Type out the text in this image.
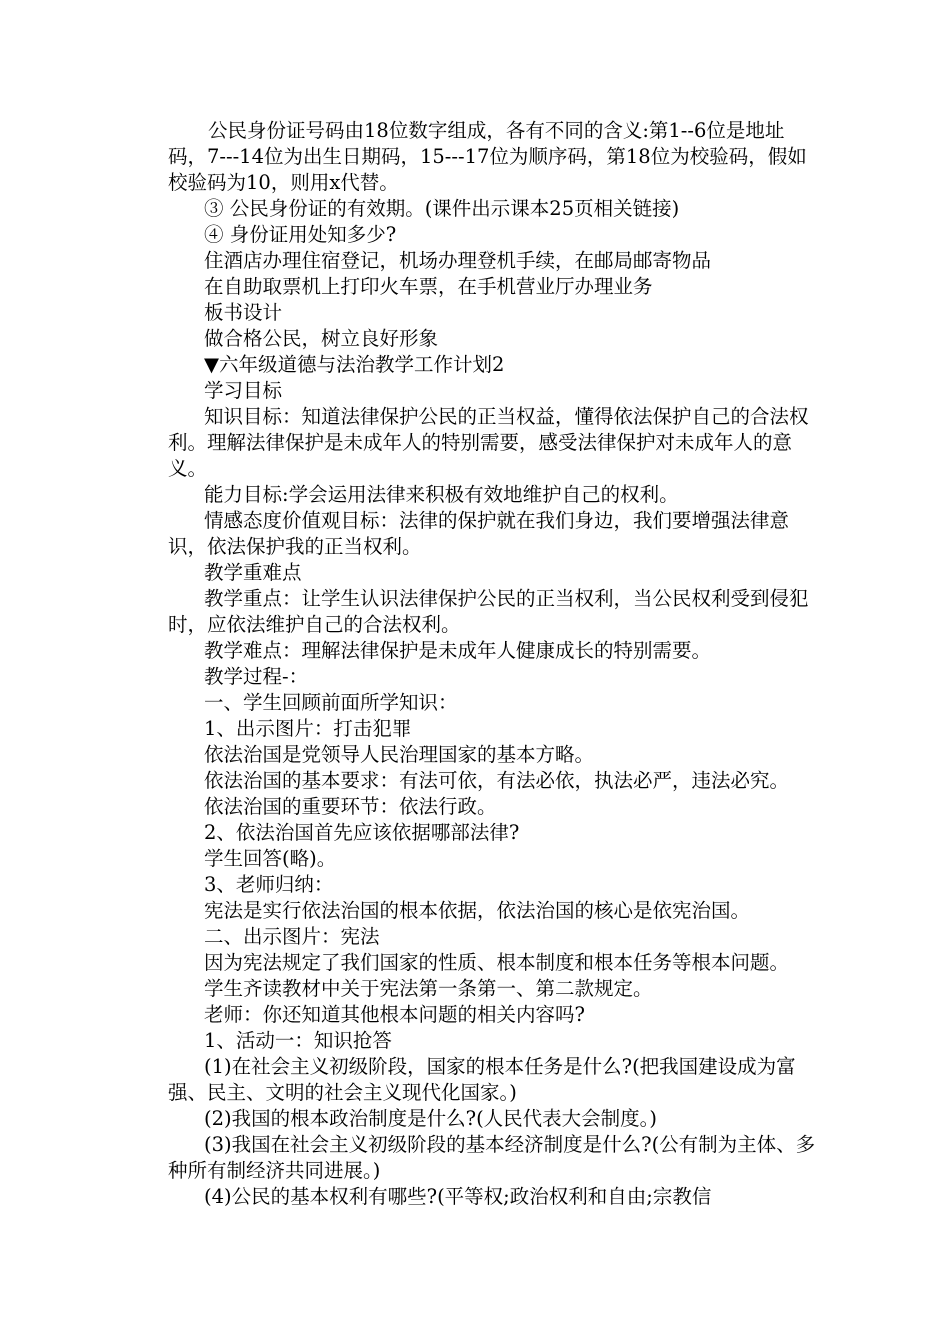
公民身份证号码由18位数字组成，各有不同的含义:第1--6位是地址码，7---14位为出生日期码，15---17位为顺序码，第18位为校验码，假如校验码为10，则用x代替。

③ 公民身份证的有效期。(课件出示课本25页相关链接)

④ 身份证用处知多少?

住酒店办理住宿登记，机场办理登机手续，在邮局邮寄物品

在自助取票机上打印火车票，在手机营业厅办理业务

板书设计

做合格公民，树立良好形象

▼六年级道德与法治教学工作计划2

学习目标

知识目标：知道法律保护公民的正当权益，懂得依法保护自己的合法权利。理解法律保护是未成年人的特别需要，感受法律保护对未成年人的意义。

能力目标:学会运用法律来积极有效地维护自己的权利。

情感态度价值观目标：法律的保护就在我们身边，我们要增强法律意识，依法保护我的正当权利。

教学重难点

教学重点：让学生认识法律保护公民的正当权利，当公民权利受到侵犯时，应依法维护自己的合法权利。

教学难点：理解法律保护是未成年人健康成长的特别需要。

教学过程-：

一、学生回顾前面所学知识：

1、出示图片：打击犯罪

依法治国是党领导人民治理国家的基本方略。

依法治国的基本要求：有法可依，有法必依，执法必严，违法必究。

依法治国的重要环节：依法行政。

2、依法治国首先应该依据哪部法律?

学生回答(略)。

3、老师归纳：

宪法是实行依法治国的根本依据，依法治国的核心是依宪治国。

二、出示图片：宪法

因为宪法规定了我们国家的性质、根本制度和根本任务等根本问题。

学生齐读教材中关于宪法第一条第一、第二款规定。

老师：你还知道其他根本问题的相关内容吗?

1、活动一：知识抢答

(1)在社会主义初级阶段，国家的根本任务是什么?(把我国建设成为富强、民主、文明的社会主义现代化国家。)

(2)我国的根本政治制度是什么?(人民代表大会制度。)

(3)我国在社会主义初级阶段的基本经济制度是什么?(公有制为主体、多种所有制经济共同进展。)

(4)公民的基本权利有哪些?(平等权;政治权利和自由;宗教信
